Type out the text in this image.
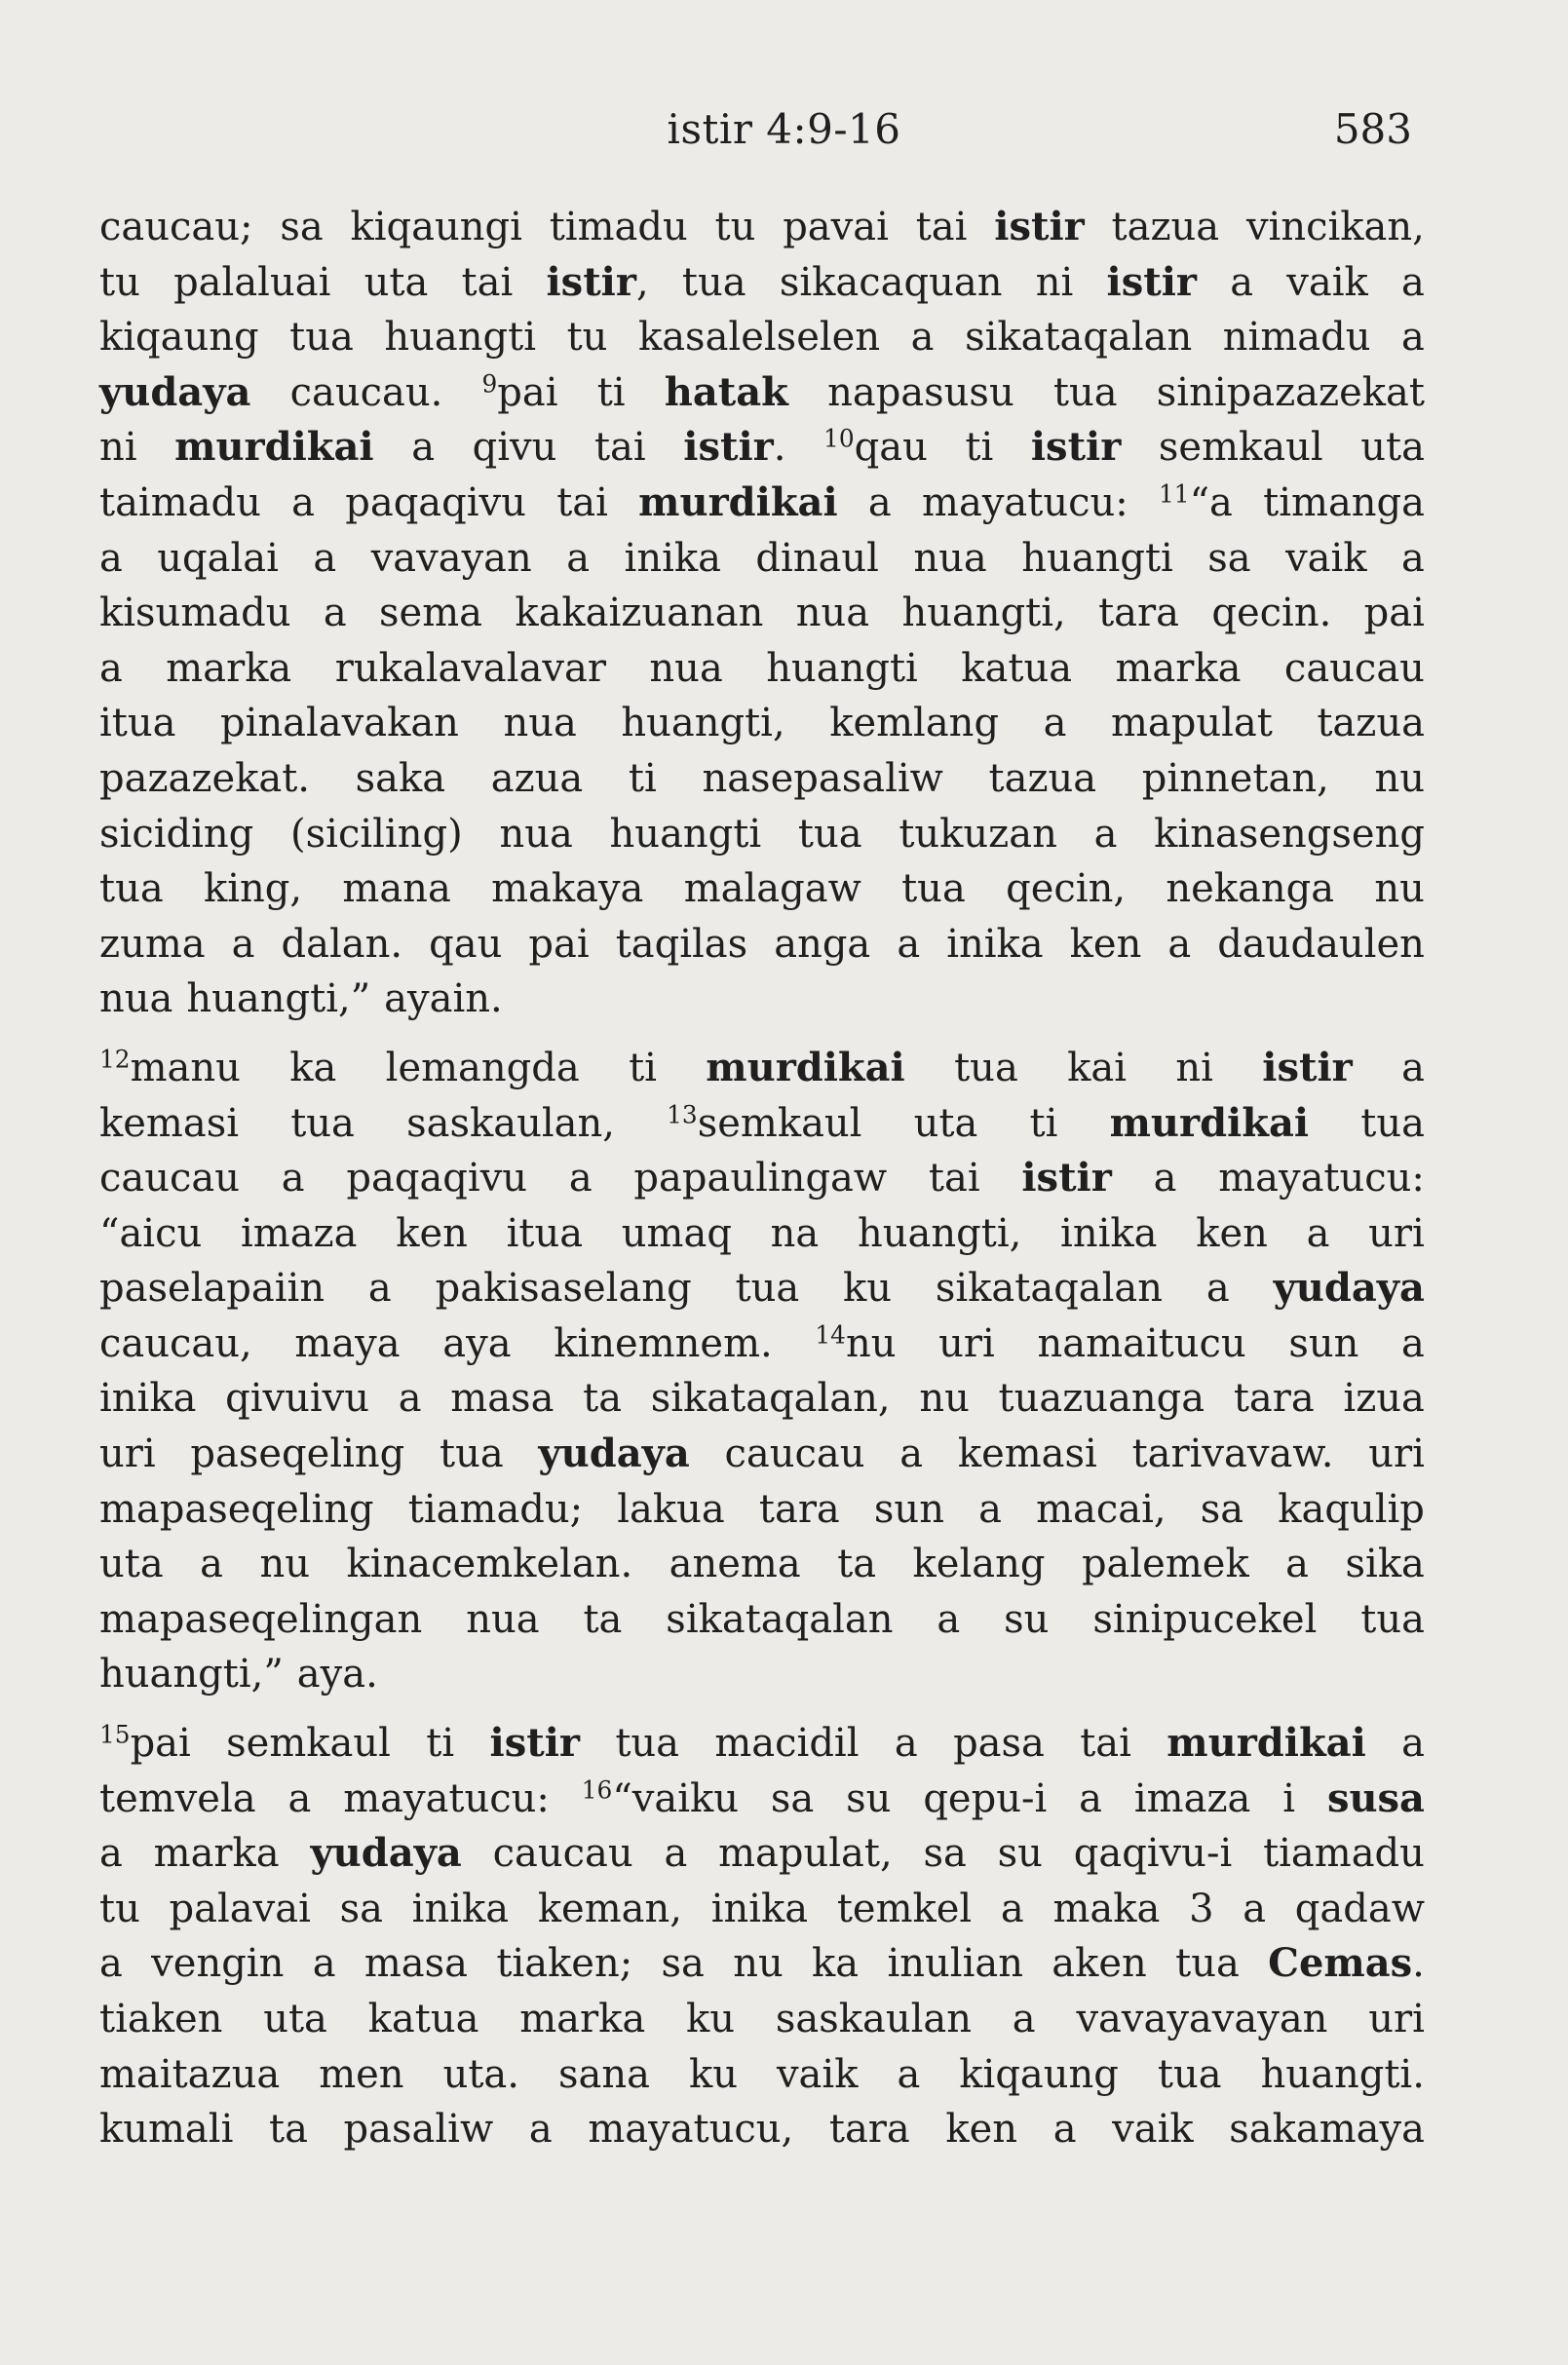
istir 4:9-16	583
caucau; sa kiqaungi timadu tu pavai tai istir tazua vincikan,
tu palaluai uta tai istir, tua sikacaquan ni istir a vaik a
kiqaung tua huangti tu kasalelselen a sikataqalan nimadu a
yudaya caucau. $^9$pai ti hatak napasusu tua sinipazazekat
ni murdikai a qivu tai istir. $^{10}$qau ti istir semkaul uta
taimadu a paqaqivu tai murdikai a mayatucu: $^{11}$“a timanga
a uqalai a vavayan a inika dinaul nua huangti sa vaik a
kisumadu a sema kakaizuanan nua huangti, tara qecin. pai
a marka rukalavalavar nua huangti katua marka caucau
itua pinalavakan nua huangti, kemlang a mapulat tazua
pazazekat. saka azua ti nasepasaliw tazua pinnetan, nu
siciding (siciling) nua huangti tua tukuzan a kinasengseng
tua king, mana makaya malagaw tua qecin, nekanga nu
zuma a dalan. qau pai taqilas anga a inika ken a daudaulen
nua huangti,” ayain.
$^{12}$manu ka lemangda ti murdikai tua kai ni istir a
kemasi tua saskaulan, $^{13}$semkaul uta ti murdikai tua
caucau a paqaqivu a papaulingaw tai istir a mayatucu:
“aicu imaza ken itua umaq na huangti, inika ken a uri
paselapaiin a pakisaselang tua ku sikataqalan a yudaya
caucau, maya aya kinemnem. $^{14}$nu uri namaitucu sun a
inika qivuivu a masa ta sikataqalan, nu tuazuanga tara izua
uri paseqeling tua yudaya caucau a kemasi tarivavaw. uri
mapaseqeling tiamadu; lakua tara sun a macai, sa kaqulip
uta a nu kinacemkelan. anema ta kelang palemek a sika
mapaseqelingan nua ta sikataqalan a su sinipucekel tua
huangti,” aya.
$^{15}$pai semkaul ti istir tua macidil a pasa tai murdikai a
temvela a mayatucu: $^{16}$“vaiku sa su qepu-i a imaza i susa
a marka yudaya caucau a mapulat, sa su qaqivu-i tiamadu
tu palavai sa inika keman, inika temkel a maka 3 a qadaw
a vengin a masa tiaken; sa nu ka inulian aken tua Cemas.
tiaken uta katua marka ku saskaulan a vavayavayan uri
maitazua men uta. sana ku vaik a kiqaung tua huangti.
kumali ta pasaliw a mayatucu, tara ken a vaik sakamaya
